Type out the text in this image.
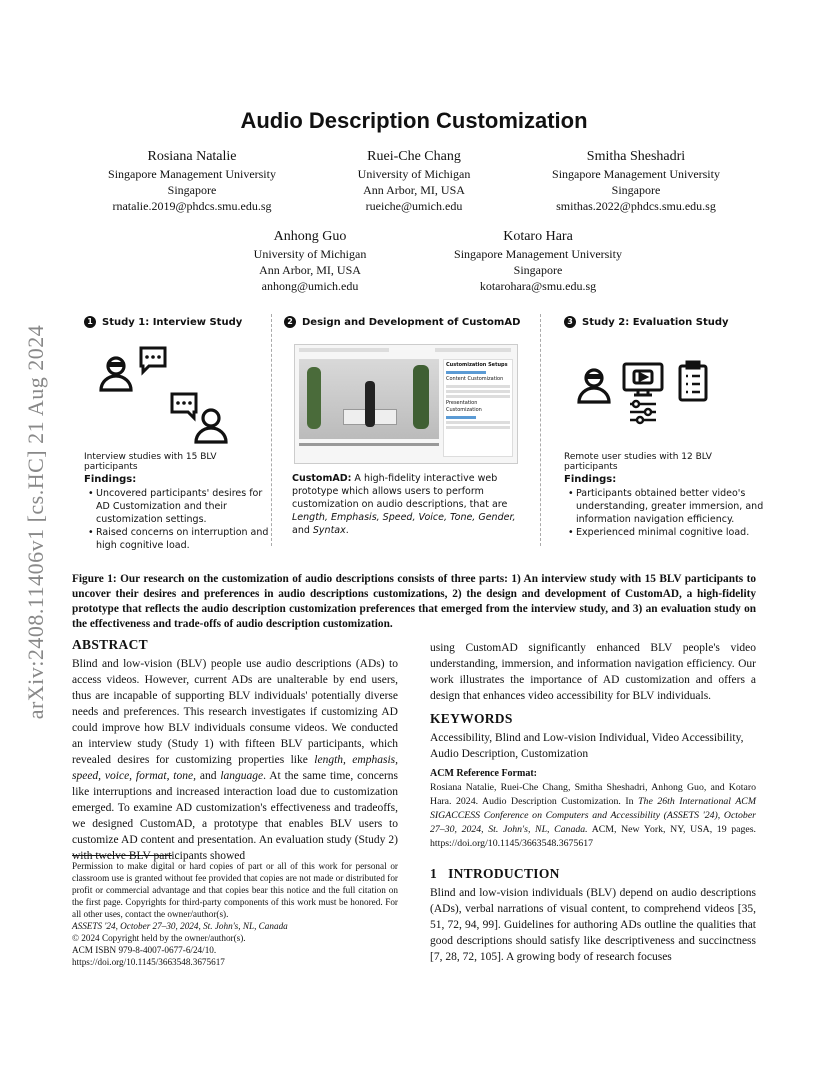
arXiv:2408.11406v1 [cs.HC] 21 Aug 2024
Audio Description Customization
Rosiana Natalie
Singapore Management University
Singapore
rnatalie.2019@phdcs.smu.edu.sg
Ruei-Che Chang
University of Michigan
Ann Arbor, MI, USA
rueiche@umich.edu
Smitha Sheshadri
Singapore Management University
Singapore
smithas.2022@phdcs.smu.edu.sg
Anhong Guo
University of Michigan
Ann Arbor, MI, USA
anhong@umich.edu
Kotaro Hara
Singapore Management University
Singapore
kotarohara@smu.edu.sg
1 Study 1: Interview Study
Interview studies with 15 BLV participants
Findings:
• Uncovered participants' desires for AD Customization and their customization settings.
• Raised concerns on interruption and high cognitive load.
2 Design and Development of CustomAD
Customization Setups
Content Customization
Presentation Customization
CustomAD: A high-fidelity interactive web prototype which allows users to perform customization on audio descriptions, that are Length, Emphasis, Speed, Voice, Tone, Gender, and Syntax.
3 Study 2: Evaluation Study
Remote user studies with 12 BLV participants
Findings:
• Participants obtained better video's understanding, greater immersion, and information navigation efficiency.
• Experienced minimal cognitive load.
Figure 1: Our research on the customization of audio descriptions consists of three parts: 1) An interview study with 15 BLV participants to uncover their desires and preferences in audio descriptions customizations, 2) the design and development of CustomAD, a high-fidelity prototype that reflects the audio description customization preferences that emerged from the interview study, and 3) an evaluation study on the effectiveness and trade-offs of audio description customization.
ABSTRACT
Blind and low-vision (BLV) people use audio descriptions (ADs) to access videos. However, current ADs are unalterable by end users, thus are incapable of supporting BLV individuals' potentially diverse needs and preferences. This research investigates if customizing AD could improve how BLV individuals consume videos. We conducted an interview study (Study 1) with fifteen BLV participants, which revealed desires for customizing properties like length, emphasis, speed, voice, format, tone, and language. At the same time, concerns like interruptions and increased interaction load due to customization emerged. To examine AD customization's effectiveness and tradeoffs, we designed CustomAD, a prototype that enables BLV users to customize AD content and presentation. An evaluation study (Study 2) with twelve BLV participants showed
Permission to make digital or hard copies of part or all of this work for personal or classroom use is granted without fee provided that copies are not made or distributed for profit or commercial advantage and that copies bear this notice and the full citation on the first page. Copyrights for third-party components of this work must be honored. For all other uses, contact the owner/author(s).
ASSETS '24, October 27–30, 2024, St. John's, NL, Canada
© 2024 Copyright held by the owner/author(s).
ACM ISBN 979-8-4007-0677-6/24/10.
https://doi.org/10.1145/3663548.3675617
using CustomAD significantly enhanced BLV people's video understanding, immersion, and information navigation efficiency. Our work illustrates the importance of AD customization and offers a design that enhances video accessibility for BLV individuals.
KEYWORDS
Accessibility, Blind and Low-vision Individual, Video Accessibility, Audio Description, Customization
ACM Reference Format:
Rosiana Natalie, Ruei-Che Chang, Smitha Sheshadri, Anhong Guo, and Kotaro Hara. 2024. Audio Description Customization. In The 26th International ACM SIGACCESS Conference on Computers and Accessibility (ASSETS '24), October 27–30, 2024, St. John's, NL, Canada. ACM, New York, NY, USA, 19 pages. https://doi.org/10.1145/3663548.3675617
1   INTRODUCTION
Blind and low-vision individuals (BLV) depend on audio descriptions (ADs), verbal narrations of visual content, to comprehend videos [35, 51, 72, 94, 99]. Guidelines for authoring ADs outline the qualities that good descriptions should satisfy like descriptiveness and succinctness [7, 28, 72, 105]. A growing body of research focuses
